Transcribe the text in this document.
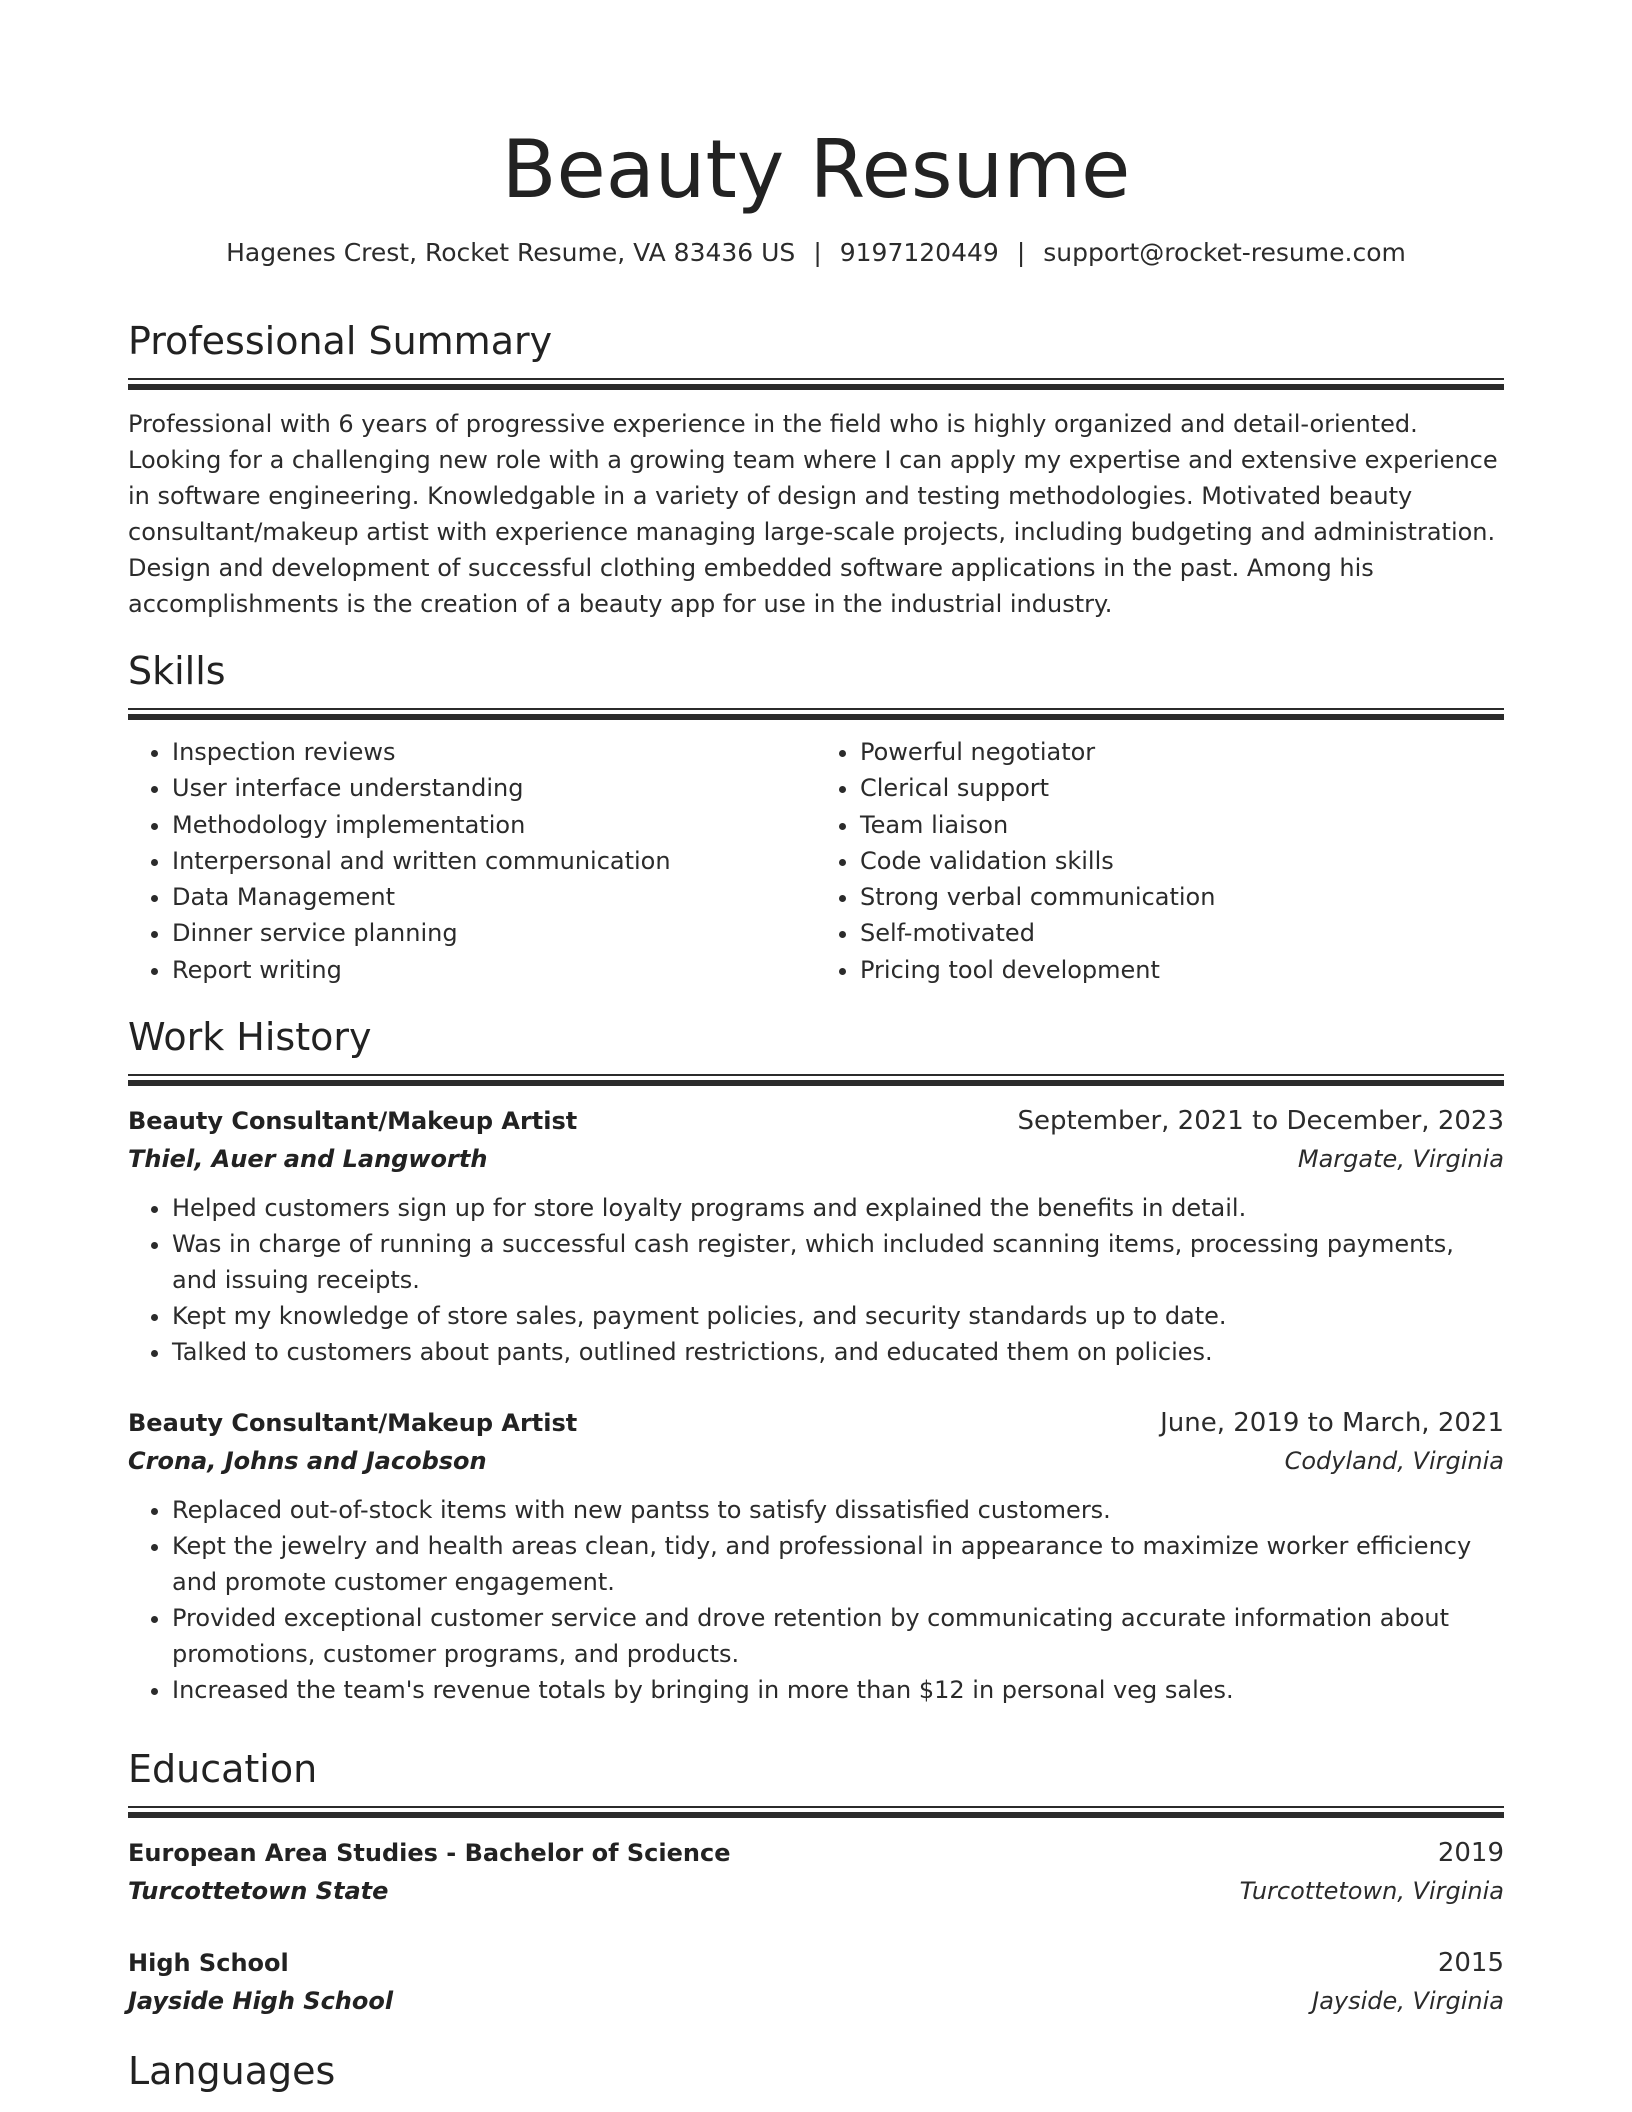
Beauty Resume
Hagenes Crest, Rocket Resume, VA 83436 US | 9197120449 | support@rocket-resume.com
Professional Summary
Professional with 6 years of progressive experience in the field who is highly organized and detail-oriented. Looking for a challenging new role with a growing team where I can apply my expertise and extensive experience in software engineering. Knowledgable in a variety of design and testing methodologies. Motivated beauty consultant/makeup artist with experience managing large-scale projects, including budgeting and administration. Design and development of successful clothing embedded software applications in the past. Among his accomplishments is the creation of a beauty app for use in the industrial industry.
Skills
• Inspection reviews
• User interface understanding
• Methodology implementation
• Interpersonal and written communication
• Data Management
• Dinner service planning
• Report writing
• Powerful negotiator
• Clerical support
• Team liaison
• Code validation skills
• Strong verbal communication
• Self-motivated
• Pricing tool development
Work History
Beauty Consultant/Makeup Artist	September, 2021 to December, 2023
Thiel, Auer and Langworth	Margate, Virginia
• Helped customers sign up for store loyalty programs and explained the benefits in detail.
• Was in charge of running a successful cash register, which included scanning items, processing payments, and issuing receipts.
• Kept my knowledge of store sales, payment policies, and security standards up to date.
• Talked to customers about pants, outlined restrictions, and educated them on policies.
Beauty Consultant/Makeup Artist	June, 2019 to March, 2021
Crona, Johns and Jacobson	Codyland, Virginia
• Replaced out-of-stock items with new pantss to satisfy dissatisfied customers.
• Kept the jewelry and health areas clean, tidy, and professional in appearance to maximize worker efficiency and promote customer engagement.
• Provided exceptional customer service and drove retention by communicating accurate information about promotions, customer programs, and products.
• Increased the team's revenue totals by bringing in more than $12 in personal veg sales.
Education
European Area Studies - Bachelor of Science	2019
Turcottetown State	Turcottetown, Virginia
High School	2015
Jayside High School	Jayside, Virginia
Languages
